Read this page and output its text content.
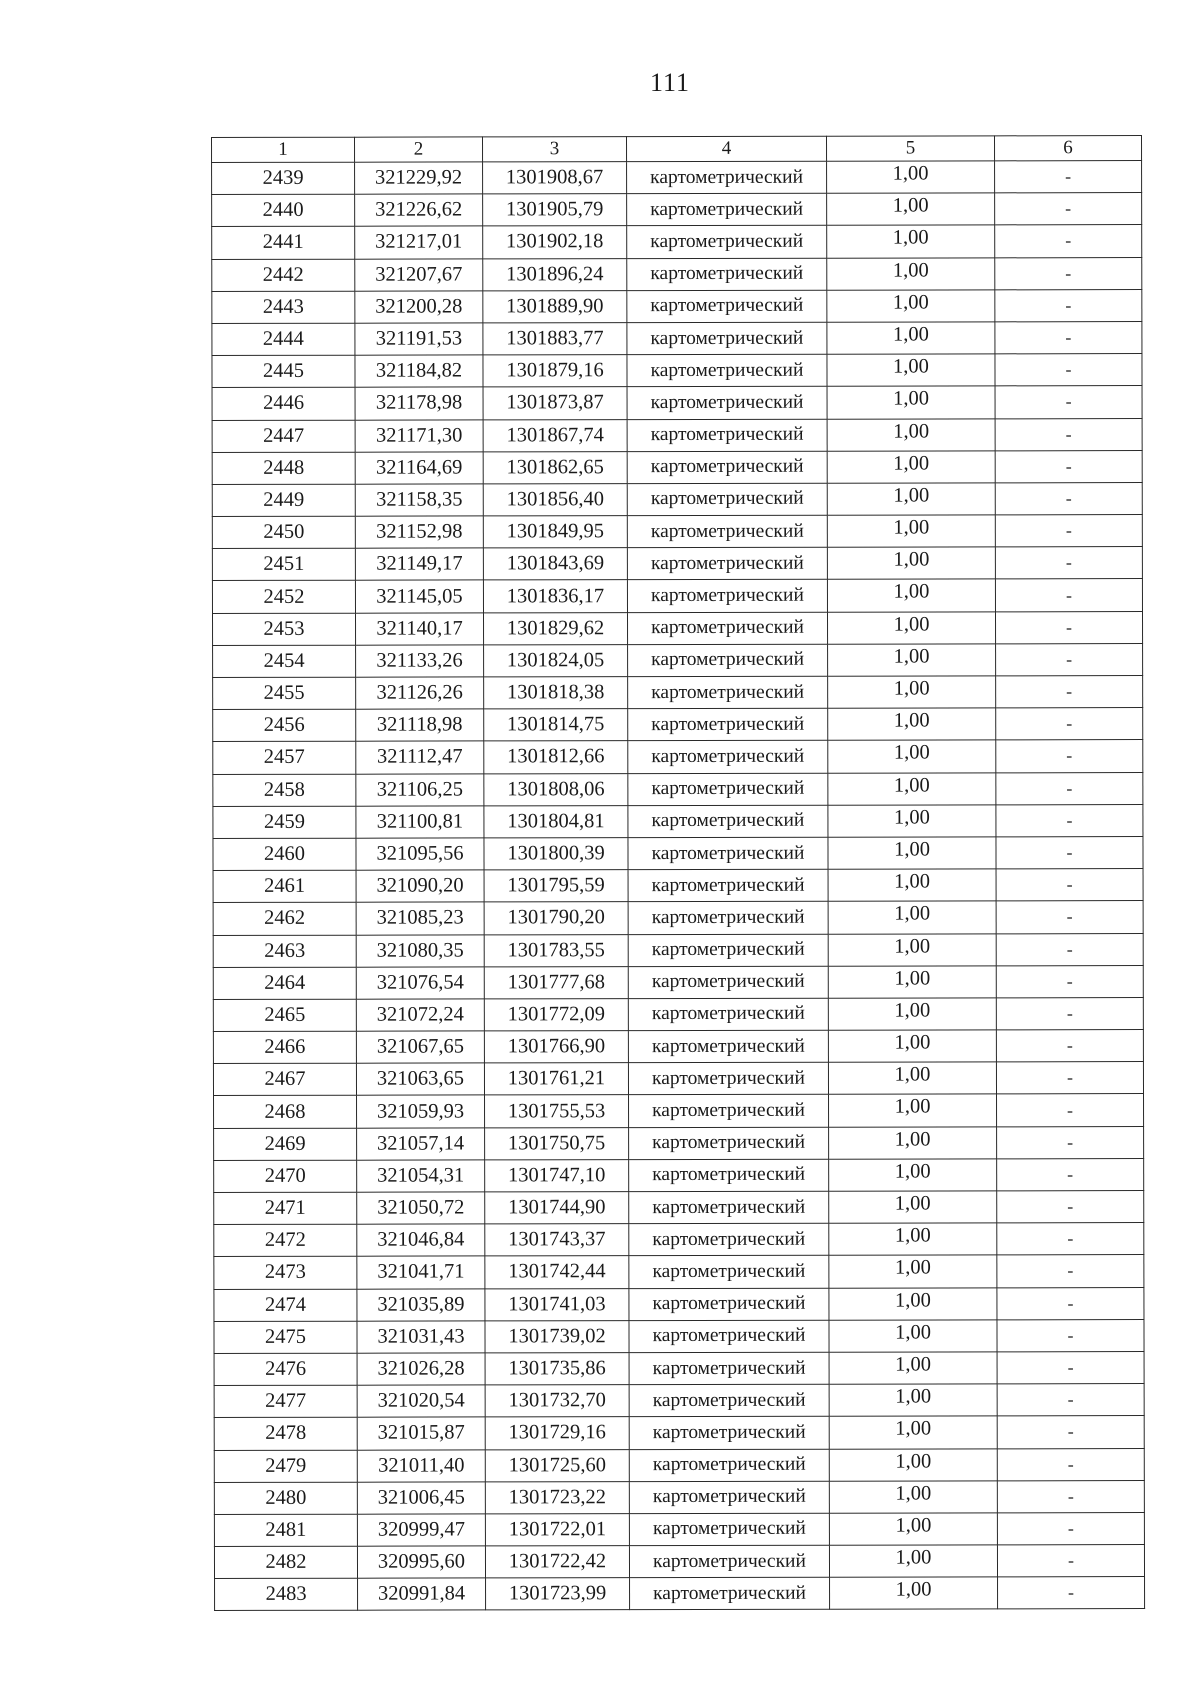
111
1	2	3	4	5	6
2439	321229,92	1301908,67	картометрический	1,00	-
2440	321226,62	1301905,79	картометрический	1,00	-
2441	321217,01	1301902,18	картометрический	1,00	-
2442	321207,67	1301896,24	картометрический	1,00	-
2443	321200,28	1301889,90	картометрический	1,00	-
2444	321191,53	1301883,77	картометрический	1,00	-
2445	321184,82	1301879,16	картометрический	1,00	-
2446	321178,98	1301873,87	картометрический	1,00	-
2447	321171,30	1301867,74	картометрический	1,00	-
2448	321164,69	1301862,65	картометрический	1,00	-
2449	321158,35	1301856,40	картометрический	1,00	-
2450	321152,98	1301849,95	картометрический	1,00	-
2451	321149,17	1301843,69	картометрический	1,00	-
2452	321145,05	1301836,17	картометрический	1,00	-
2453	321140,17	1301829,62	картометрический	1,00	-
2454	321133,26	1301824,05	картометрический	1,00	-
2455	321126,26	1301818,38	картометрический	1,00	-
2456	321118,98	1301814,75	картометрический	1,00	-
2457	321112,47	1301812,66	картометрический	1,00	-
2458	321106,25	1301808,06	картометрический	1,00	-
2459	321100,81	1301804,81	картометрический	1,00	-
2460	321095,56	1301800,39	картометрический	1,00	-
2461	321090,20	1301795,59	картометрический	1,00	-
2462	321085,23	1301790,20	картометрический	1,00	-
2463	321080,35	1301783,55	картометрический	1,00	-
2464	321076,54	1301777,68	картометрический	1,00	-
2465	321072,24	1301772,09	картометрический	1,00	-
2466	321067,65	1301766,90	картометрический	1,00	-
2467	321063,65	1301761,21	картометрический	1,00	-
2468	321059,93	1301755,53	картометрический	1,00	-
2469	321057,14	1301750,75	картометрический	1,00	-
2470	321054,31	1301747,10	картометрический	1,00	-
2471	321050,72	1301744,90	картометрический	1,00	-
2472	321046,84	1301743,37	картометрический	1,00	-
2473	321041,71	1301742,44	картометрический	1,00	-
2474	321035,89	1301741,03	картометрический	1,00	-
2475	321031,43	1301739,02	картометрический	1,00	-
2476	321026,28	1301735,86	картометрический	1,00	-
2477	321020,54	1301732,70	картометрический	1,00	-
2478	321015,87	1301729,16	картометрический	1,00	-
2479	321011,40	1301725,60	картометрический	1,00	-
2480	321006,45	1301723,22	картометрический	1,00	-
2481	320999,47	1301722,01	картометрический	1,00	-
2482	320995,60	1301722,42	картометрический	1,00	-
2483	320991,84	1301723,99	картометрический	1,00	-
